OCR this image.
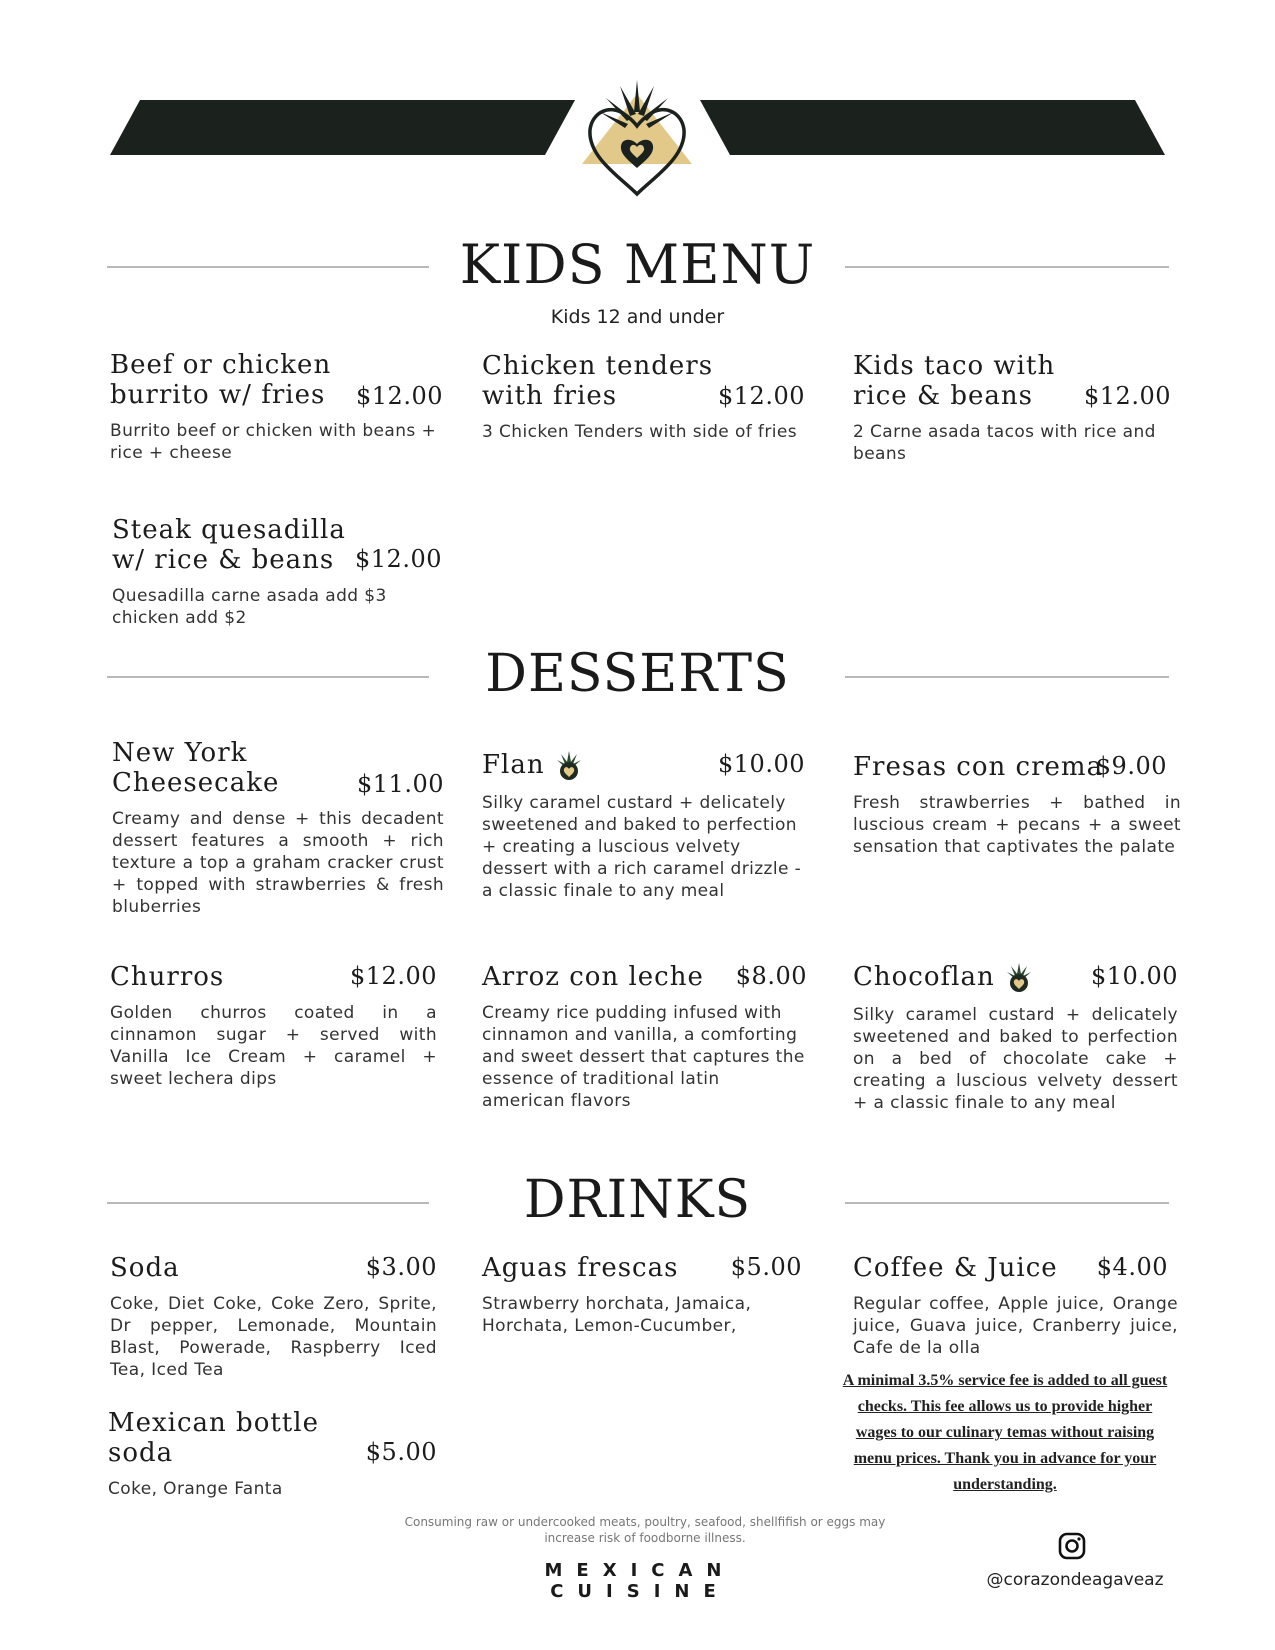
KIDS MENU
Kids 12 and under
$12.00
Beef or chicken
burrito w/ fries
Burrito beef or chicken with beans + rice + cheese
$12.00
Chicken tenders
with fries
3 Chicken Tenders with side of fries
$12.00
Kids taco with
rice & beans
2 Carne asada tacos with rice and beans
$12.00
Steak quesadilla
w/ rice & beans
Quesadilla carne asada add $3 chicken add $2
DESSERTS
$11.00
New York
Cheesecake
Creamy and dense + this decadent dessert features a smooth + rich texture a top a graham cracker crust + topped with strawberries & fresh bluberries
$10.00
Flan
Silky caramel custard + delicately sweetened and baked to perfection + creating a luscious velvety dessert with a rich caramel drizzle - a classic finale to any meal
$9.00
Fresas con crema
Fresh strawberries + bathed in luscious cream + pecans + a sweet sensation that captivates the palate
$12.00
Churros
Golden churros coated in a cinnamon sugar + served with Vanilla Ice Cream + caramel + sweet lechera dips
$8.00
Arroz con leche
Creamy rice pudding infused with cinnamon and vanilla, a comforting and sweet dessert that captures the essence of traditional latin american flavors
$10.00
Chocoflan
Silky caramel custard + delicately sweetened and baked to perfection on a bed of chocolate cake + creating a luscious velvety dessert + a classic finale to any meal
DRINKS
$3.00
Soda
Coke, Diet Coke, Coke Zero, Sprite, Dr pepper, Lemonade, Mountain Blast, Powerade, Raspberry Iced Tea, Iced Tea
$5.00
Aguas frescas
Strawberry horchata, Jamaica, Horchata, Lemon-Cucumber,
$4.00
Coffee & Juice
Regular coffee, Apple juice, Orange juice, Guava juice, Cranberry juice, Cafe de la olla
$5.00
Mexican bottle
soda
Coke, Orange Fanta
A minimal 3.5% service fee is added to all guest checks. This fee allows us to provide higher wages to our culinary temas without raising menu prices. Thank you in advance for your understanding.
Consuming raw or undercooked meats, poultry, seafood, shellfifish or eggs may increase risk of foodborne illness.
MEXICAN CUISINE
@corazondeagaveaz
